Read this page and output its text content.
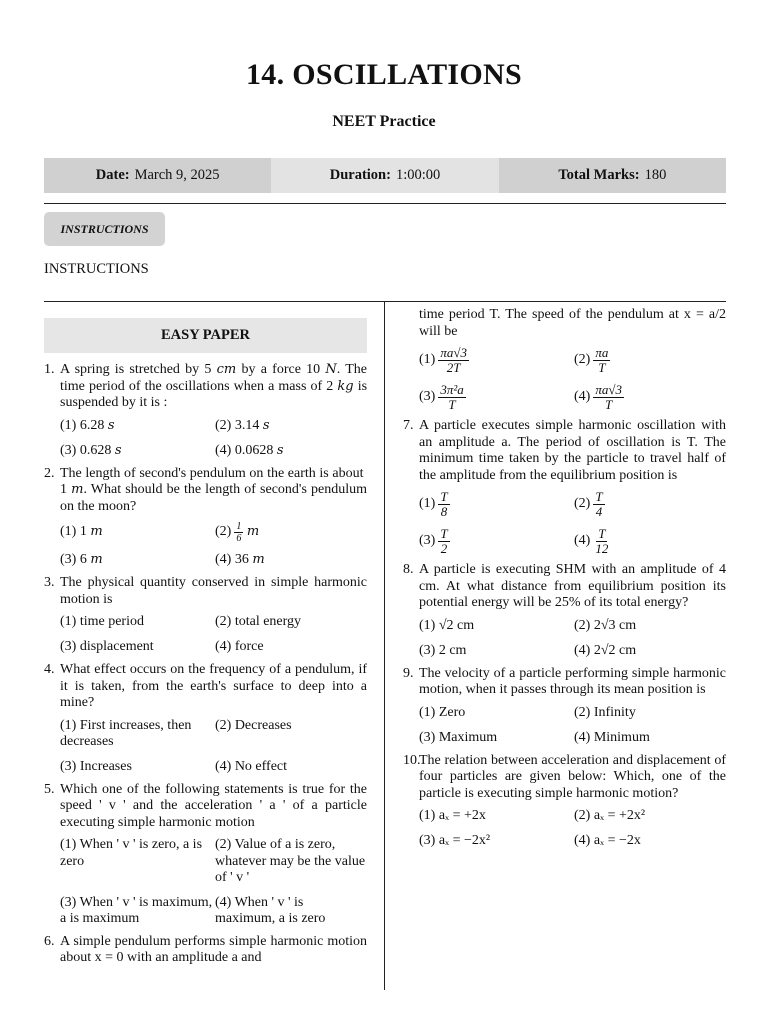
14. OSCILLATIONS
NEET Practice
Date: March 9, 2025	Duration: 1:00:00	Total Marks: 180
INSTRUCTIONS
INSTRUCTIONS
EASY PAPER
1. A spring is stretched by 5 cm by a force 10 N. The time period of the oscillations when a mass of 2 kg is suspended by it is :
(1) 6.28
s	(2) 3.14
s
(3) 0.628
s	(4) 0.0628
s
2. The length of second's pendulum on the earth is about  1 m. What should be the length of second's pendulum on the moon?
(1) 1
m	$(2) \frac{1}{6}$
m
(3) 6
m	(4) 36
m
3. The physical quantity conserved in simple harmonic motion is
(1) time period	(2) total energy
(3) displacement	(4) force
4. What effect occurs on the frequency of a pendulum, if it is taken, from the earth's surface to deep into a mine?
(1) First increases, then decreases
(2) Decreases
(3) Increases	(4) No effect
5. Which one of the following statements is true for the speed ' v ' and the acceleration ' a ' of a particle executing simple harmonic motion
(1) When ' v ' is zero, a is zero
(2) Value of a is zero, whatever may be the value of ' v '
(3) When ' v ' is maximum, a is maximum
(4) When ' v ' is maximum, a is zero
6. A simple pendulum performs simple harmonic motion about x = 0 with an amplitude a and
time period T. The speed of the pendulum at x = a/2 will be
$(1) \frac{\pi a√3}{2T}$	$(2) \frac{\pi a}{T}$
$(3) \frac{\text{3π²a}}{T}$	$(4) \frac{\pi a√3}{T}$
7. A particle executes simple harmonic oscillation with an amplitude a. The period of oscillation is T. The minimum time taken by the particle to travel half of the amplitude from the equilibrium position is
$(1) \frac{T}{8}$	$(2) \frac{T}{4}$
$(3) \frac{T}{2}$	$(4) \frac{T}{12}$
8. A particle is executing SHM with an amplitude of 4 cm. At what distance from equilibrium position its potential energy will be 25% of its total energy?
(1) √2 cm	(2) 2√3 cm
(3) 2 cm	(4) 2√2 cm
9. The velocity of a particle performing simple harmonic motion, when it passes through its mean position is
(1) Zero	(2) Infinity
(3) Maximum	(4) Minimum
10.
The relation between acceleration and displacement of four particles are given below: Which, one of the particle is executing simple harmonic motion?
(1) aₓ = +2x	(2) aₓ = +2x²
(3) aₓ = −2x²	(4) aₓ = −2x
